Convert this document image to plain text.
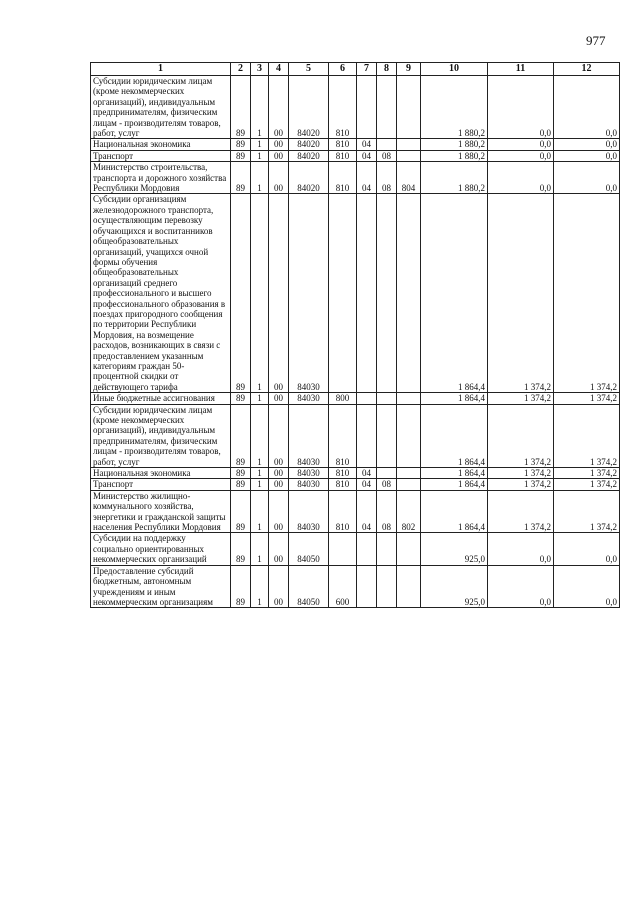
977
1	2	3	4	5	6	7	8	9	10	11	12
Субсидии юридическим лицам (кроме некоммерческих организаций), индивидуальным предпринимателям, физическим лицам - производителям товаров, работ, услуг	89	1	00	84020	810				1 880,2	0,0	0,0
Национальная экономика	89	1	00	84020	810	04			1 880,2	0,0	0,0
Транспорт	89	1	00	84020	810	04	08		1 880,2	0,0	0,0
Министерство строительства, транспорта и дорожного хозяйства Республики Мордовия	89	1	00	84020	810	04	08	804	1 880,2	0,0	0,0
Субсидии организациям железнодорожного транспорта, осуществляющим перевозку обучающихся и воспитанников общеобразовательных организаций, учащихся очной формы обучения общеобразовательных организаций среднего профессионального и высшего профессионального образования в поездах пригородного сообщения по территории Республики Мордовия, на возмещение расходов, возникающих в связи с предоставлением указанным категориям граждан 50-процентной скидки от действующего тарифа	89	1	00	84030					1 864,4	1 374,2	1 374,2
Иные бюджетные ассигнования	89	1	00	84030	800				1 864,4	1 374,2	1 374,2
Субсидии юридическим лицам (кроме некоммерческих организаций), индивидуальным предпринимателям, физическим лицам - производителям товаров, работ, услуг	89	1	00	84030	810				1 864,4	1 374,2	1 374,2
Национальная экономика	89	1	00	84030	810	04			1 864,4	1 374,2	1 374,2
Транспорт	89	1	00	84030	810	04	08		1 864,4	1 374,2	1 374,2
Министерство жилищно-коммунального хозяйства, энергетики и гражданской защиты населения Республики Мордовия	89	1	00	84030	810	04	08	802	1 864,4	1 374,2	1 374,2
Субсидии на поддержку социально ориентированных некоммерческих организаций	89	1	00	84050					925,0	0,0	0,0
Предоставление субсидий бюджетным, автономным учреждениям и иным некоммерческим организациям	89	1	00	84050	600				925,0	0,0	0,0
